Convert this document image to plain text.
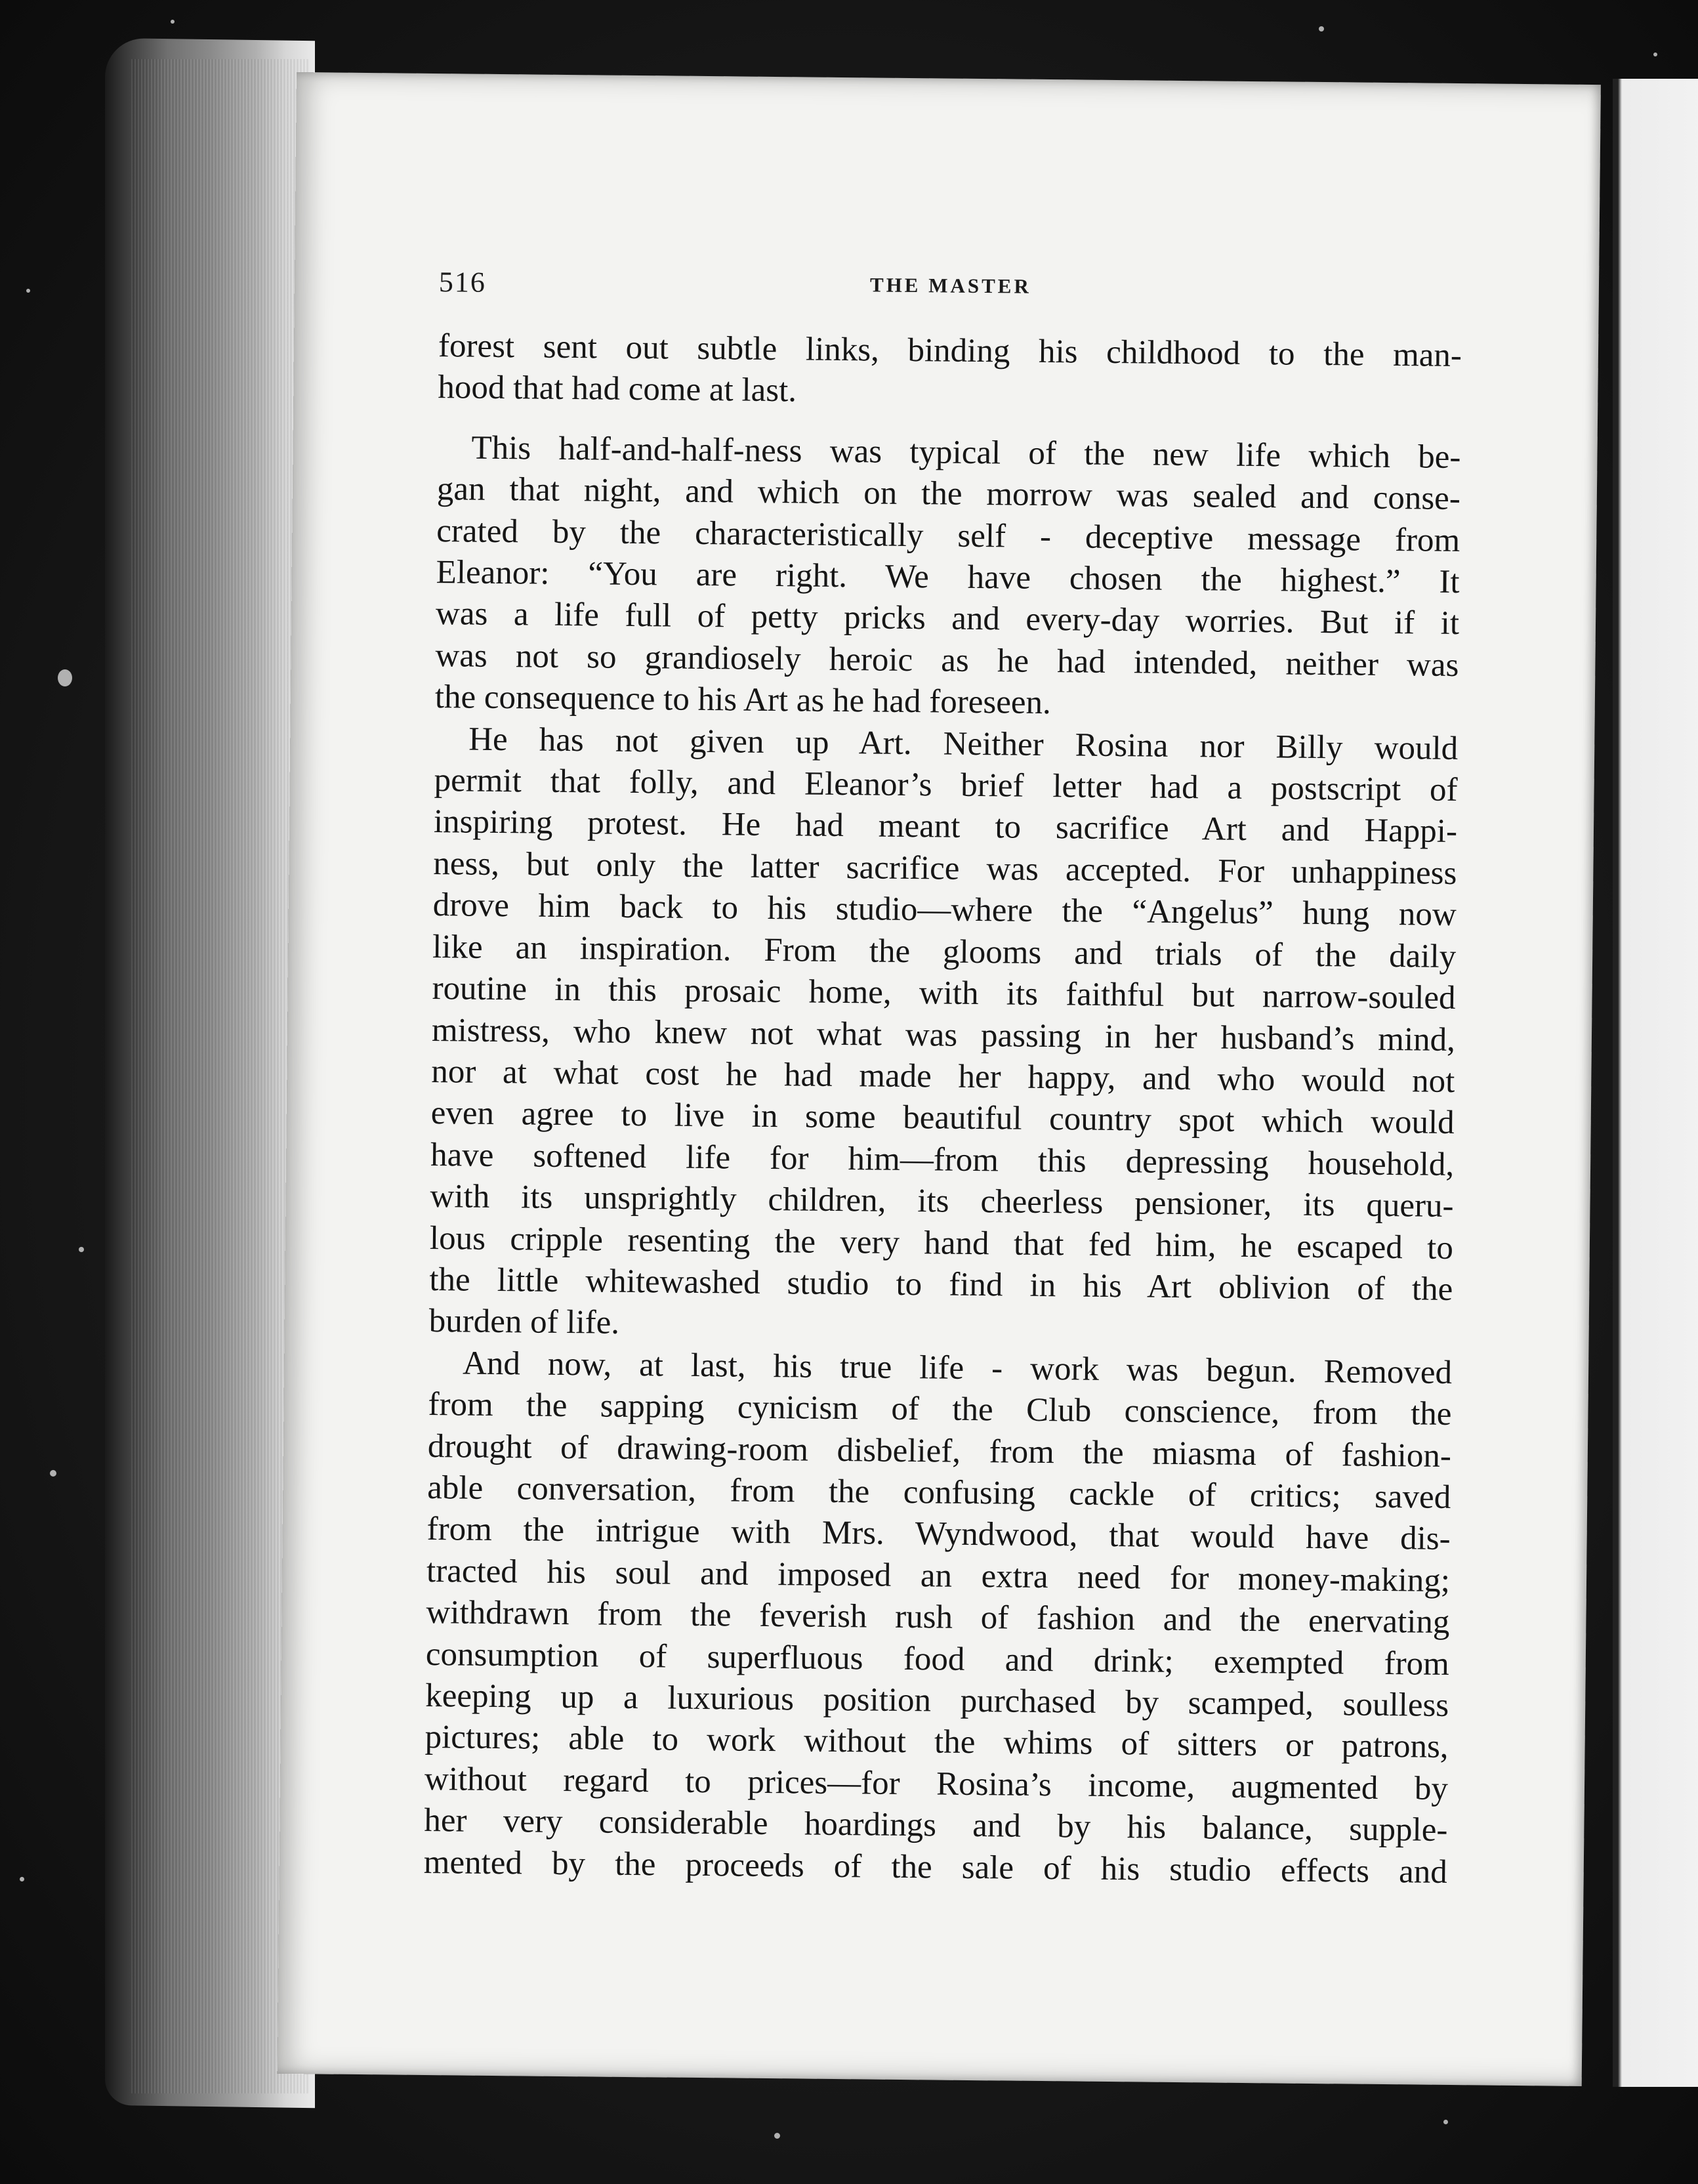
516	THE MASTER
forest sent out subtle links, binding his childhood to the man-
hood that had come at last.
This half-and-half-ness was typical of the new life which be-
gan that night, and which on the morrow was sealed and conse-
crated by the characteristically self - deceptive message from
Eleanor: “You are right. We have chosen the highest.” It
was a life full of petty pricks and every-day worries. But if it
was not so grandiosely heroic as he had intended, neither was
the consequence to his Art as he had foreseen.
He has not given up Art. Neither Rosina nor Billy would
permit that folly, and Eleanor’s brief letter had a postscript of
inspiring protest. He had meant to sacrifice Art and Happi-
ness, but only the latter sacrifice was accepted. For unhappiness
drove him back to his studio—where the “Angelus” hung now
like an inspiration. From the glooms and trials of the daily
routine in this prosaic home, with its faithful but narrow-souled
mistress, who knew not what was passing in her husband’s mind,
nor at what cost he had made her happy, and who would not
even agree to live in some beautiful country spot which would
have softened life for him—from this depressing household,
with its unsprightly children, its cheerless pensioner, its queru-
lous cripple resenting the very hand that fed him, he escaped to
the little whitewashed studio to find in his Art oblivion of the
burden of life.
And now, at last, his true life - work was begun. Removed
from the sapping cynicism of the Club conscience, from the
drought of drawing-room disbelief, from the miasma of fashion-
able conversation, from the confusing cackle of critics; saved
from the intrigue with Mrs. Wyndwood, that would have dis-
tracted his soul and imposed an extra need for money-making;
withdrawn from the feverish rush of fashion and the enervating
consumption of superfluous food and drink; exempted from
keeping up a luxurious position purchased by scamped, soulless
pictures; able to work without the whims of sitters or patrons,
without regard to prices—for Rosina’s income, augmented by
her very considerable hoardings and by his balance, supple-
mented by the proceeds of the sale of his studio effects and
